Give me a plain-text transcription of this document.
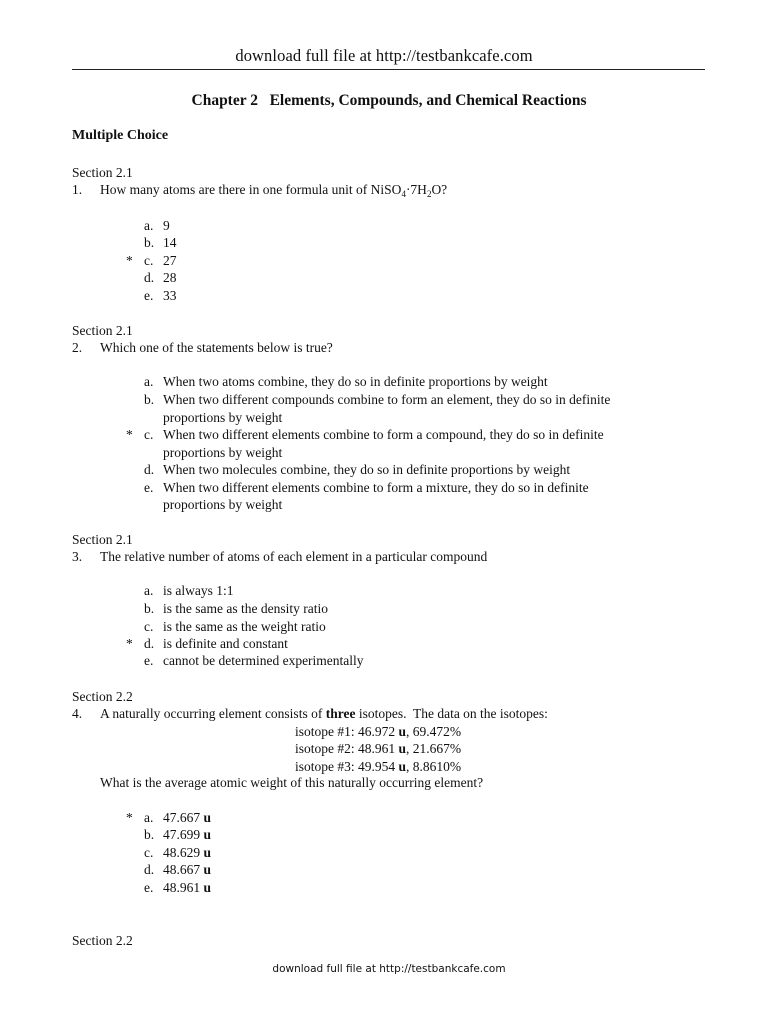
download full file at http://testbankcafe.com
Chapter 2   Elements, Compounds, and Chemical Reactions
Multiple Choice
Section 2.1
1. How many atoms are there in one formula unit of $NiSO_4\cdot 7H_2O$?
a. 9
b. 14
* c. 27
d. 28
e. 33
Section 2.1
2. Which one of the statements below is true?
a. When two atoms combine, they do so in definite proportions by weight
b. When two different compounds combine to form an element, they do so in definite
proportions by weight
* c. When two different elements combine to form a compound, they do so in definite
proportions by weight
d. When two molecules combine, they do so in definite proportions by weight
e. When two different elements combine to form a mixture, they do so in definite
proportions by weight
Section 2.1
3. The relative number of atoms of each element in a particular compound
a. is always 1:1
b. is the same as the density ratio
c. is the same as the weight ratio
* d. is definite and constant
e. cannot be determined experimentally
Section 2.2
4. A naturally occurring element consists of three isotopes.  The data on the isotopes:
isotope #1: 46.972 u, 69.472%
isotope #2: 48.961 u, 21.667%
isotope #3: 49.954 u, 8.8610%
What is the average atomic weight of this naturally occurring element?
* a. 47.667 u
b. 47.699 u
c. 48.629 u
d. 48.667 u
e. 48.961 u
Section 2.2
download full file at http://testbankcafe.com
